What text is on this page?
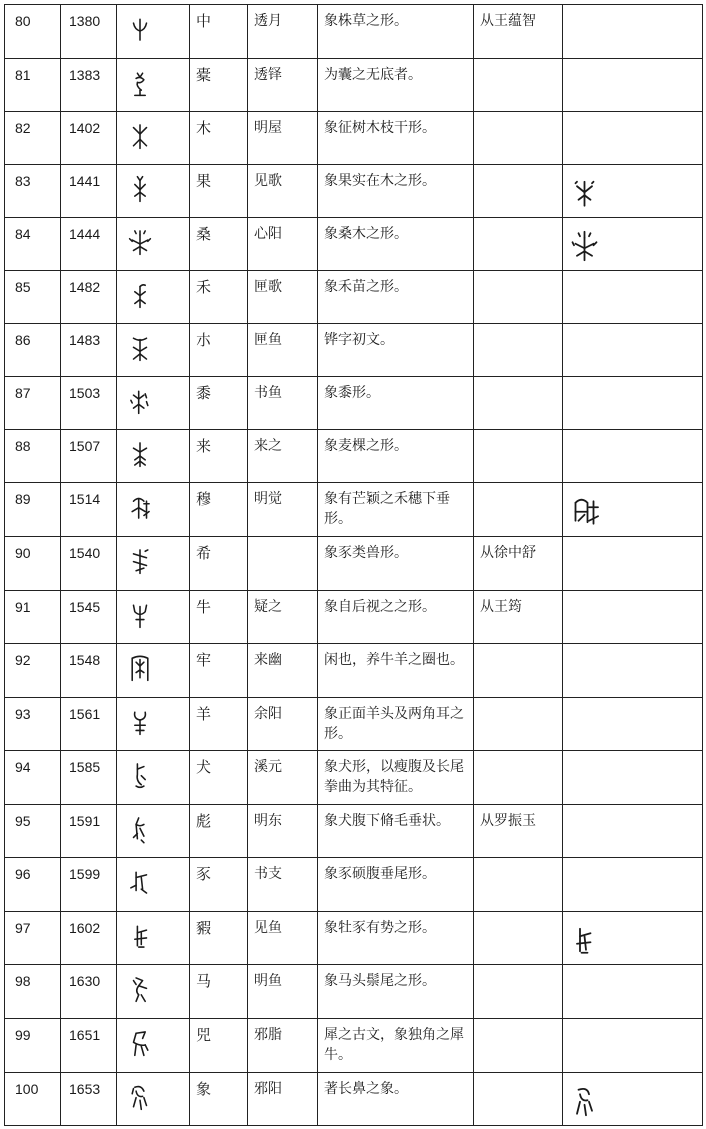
80	1380		中	透月	象株草之形。	从王蕴智	
81	1383		橐	透铎	为囊之无底者。		
82	1402		木	明屋	象征树木枝干形。		
83	1441		果	见歌	象果实在木之形。		

84	1444		桑	心阳	象桑木之形。		

85	1482		禾	匣歌	象禾苗之形。		
86	1483		朩	匣鱼	铧字初文。		
87	1503		黍	书鱼	象黍形。		
88	1507		来	来之	象麦棵之形。		
89	1514		穆	明觉	象有芒颖之禾穗下垂形。		

90	1540		希		象豕类兽形。	从徐中舒	
91	1545		牛	疑之	象自后视之之形。	从王筠	
92	1548		牢	来幽	闲也，养牛羊之圈也。		
93	1561		羊	余阳	象正面羊头及两角耳之形。		
94	1585		犬	溪元	象犬形，以瘦腹及长尾拳曲为其特征。		
95	1591		彪	明东	象犬腹下脩毛垂状。	从罗振玉	
96	1599		豕	书支	象豕硕腹垂尾形。		
97	1602		豭	见鱼	象牡豕有势之形。		

98	1630		马	明鱼	象马头鬃尾之形。		
99	1651		兕	邪脂	犀之古文，象独角之犀牛。		
100	1653		象	邪阳	著长鼻之象。		
